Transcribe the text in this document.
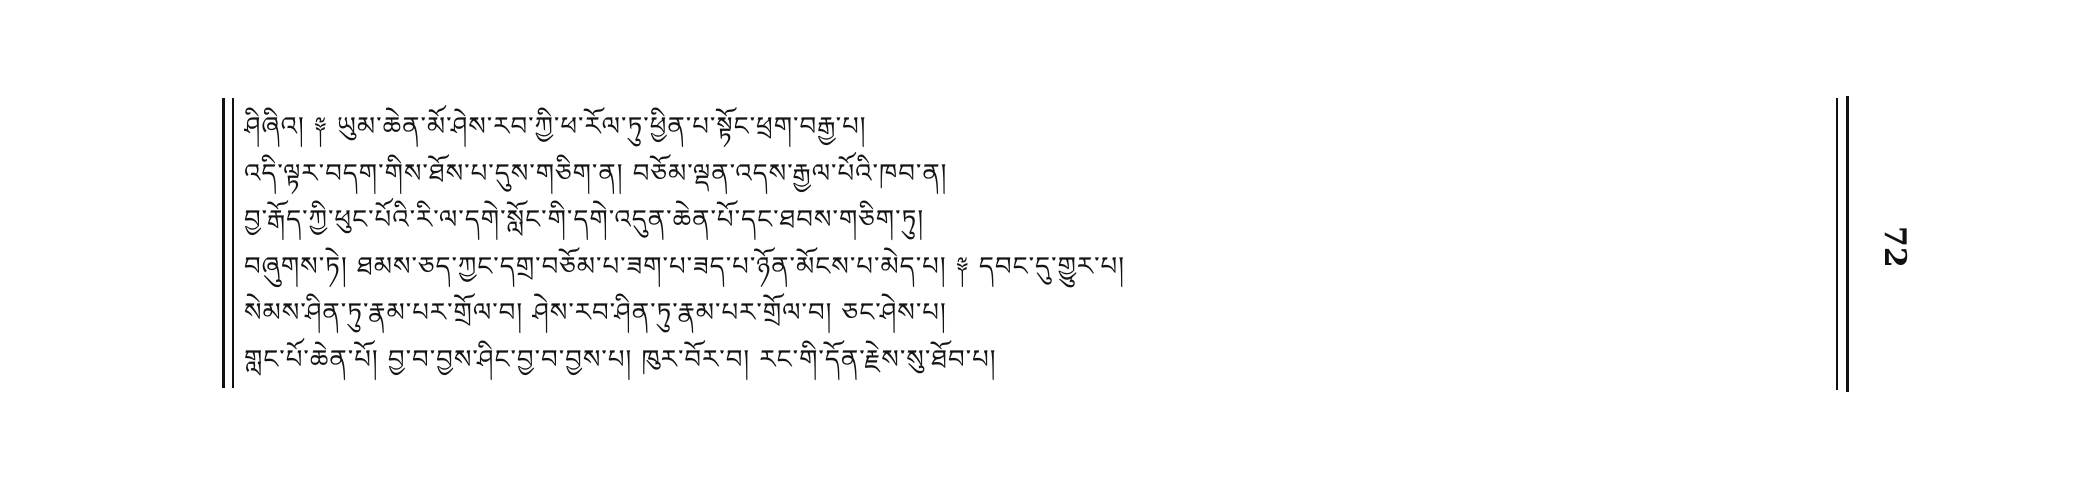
ཤིཞིའ། ༈ ཡུམ་ཆེན་མོ་ཤེས་རབ་ཀྱི་ཕ་རོལ་ཏུ་ཕྱིན་པ་སྟོང་ཕྲག་བརྒྱ་པ།
འདི་ལྟར་བདག་གིས་ཐོས་པ་དུས་གཅིག་ན། བཅོམ་ལྡན་འདས་རྒྱལ་པོའི་ཁབ་ན།
བྱ་རྒོད་ཀྱི་ཕུང་པོའི་རི་ལ་དགེ་སློང་གི་དགེ་འདུན་ཆེན་པོ་དང་ཐབས་གཅིག་ཏུ།
བཞུགས་ཏེ། ཐམས་ཅད་ཀྱང་དགྲ་བཅོམ་པ་ཟག་པ་ཟད་པ་ཉོན་མོངས་པ་མེད་པ། ༈ དབང་དུ་གྱུར་པ།
སེམས་ཤིན་ཏུ་རྣམ་པར་གྲོལ་བ། ཤེས་རབ་ཤིན་ཏུ་རྣམ་པར་གྲོལ་བ། ཅང་ཤེས་པ།
གླང་པོ་ཆེན་པོ། བྱ་བ་བྱས་ཤིང་བྱ་བ་བྱས་པ། ཁུར་བོར་བ། རང་གི་དོན་རྗེས་སུ་ཐོབ་པ།
72
